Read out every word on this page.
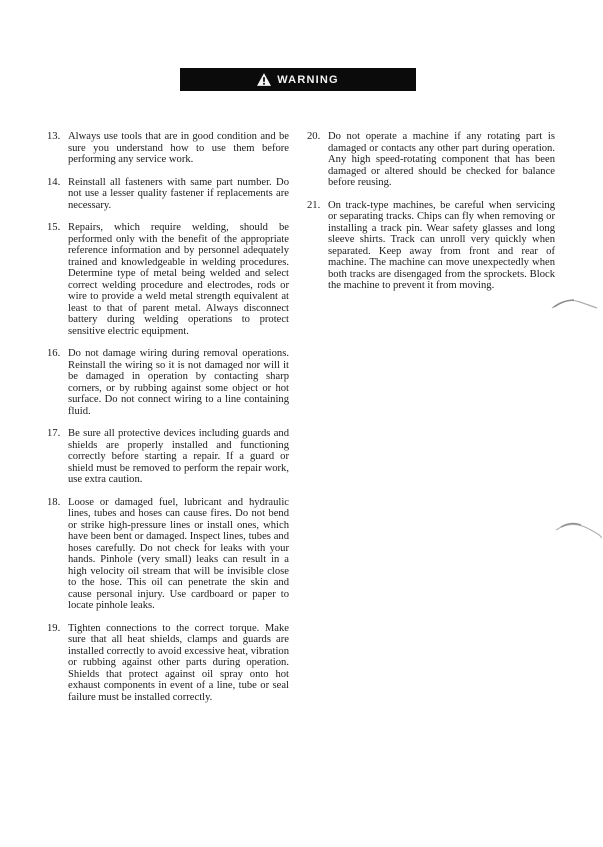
WARNING
13. Always use tools that are in good condition and be sure you understand how to use them before performing any service work.
14. Reinstall all fasteners with same part number. Do not use a lesser quality fastener if replacements are necessary.
15. Repairs, which require welding, should be performed only with the benefit of the appropriate reference information and by personnel adequately trained and knowledgeable in welding procedures. Determine type of metal being welded and select correct welding procedure and electrodes, rods or wire to provide a weld metal strength equivalent at least to that of parent metal. Always disconnect battery during welding operations to protect sensitive electric equipment.
16. Do not damage wiring during removal operations. Reinstall the wiring so it is not damaged nor will it be damaged in operation by contacting sharp corners, or by rubbing against some object or hot surface. Do not connect wiring to a line containing fluid.
17. Be sure all protective devices including guards and shields are properly installed and functioning correctly before starting a repair. If a guard or shield must be removed to perform the repair work, use extra caution.
18. Loose or damaged fuel, lubricant and hydraulic lines, tubes and hoses can cause fires. Do not bend or strike high-pressure lines or install ones, which have been bent or damaged. Inspect lines, tubes and hoses carefully. Do not check for leaks with your hands. Pinhole (very small) leaks can result in a high velocity oil stream that will be invisible close to the hose. This oil can penetrate the skin and cause personal injury. Use cardboard or paper to locate pinhole leaks.
19. Tighten connections to the correct torque. Make sure that all heat shields, clamps and guards are installed correctly to avoid excessive heat, vibration or rubbing against other parts during operation. Shields that protect against oil spray onto hot exhaust components in event of a line, tube or seal failure must be installed correctly.
20. Do not operate a machine if any rotating part is damaged or contacts any other part during operation. Any high speed-rotating component that has been damaged or altered should be checked for balance before reusing.
21. On track-type machines, be careful when servicing or separating tracks. Chips can fly when removing or installing a track pin. Wear safety glasses and long sleeve shirts. Track can unroll very quickly when separated. Keep away from front and rear of machine. The machine can move unexpectedly when both tracks are disengaged from the sprockets. Block the machine to prevent it from moving.
